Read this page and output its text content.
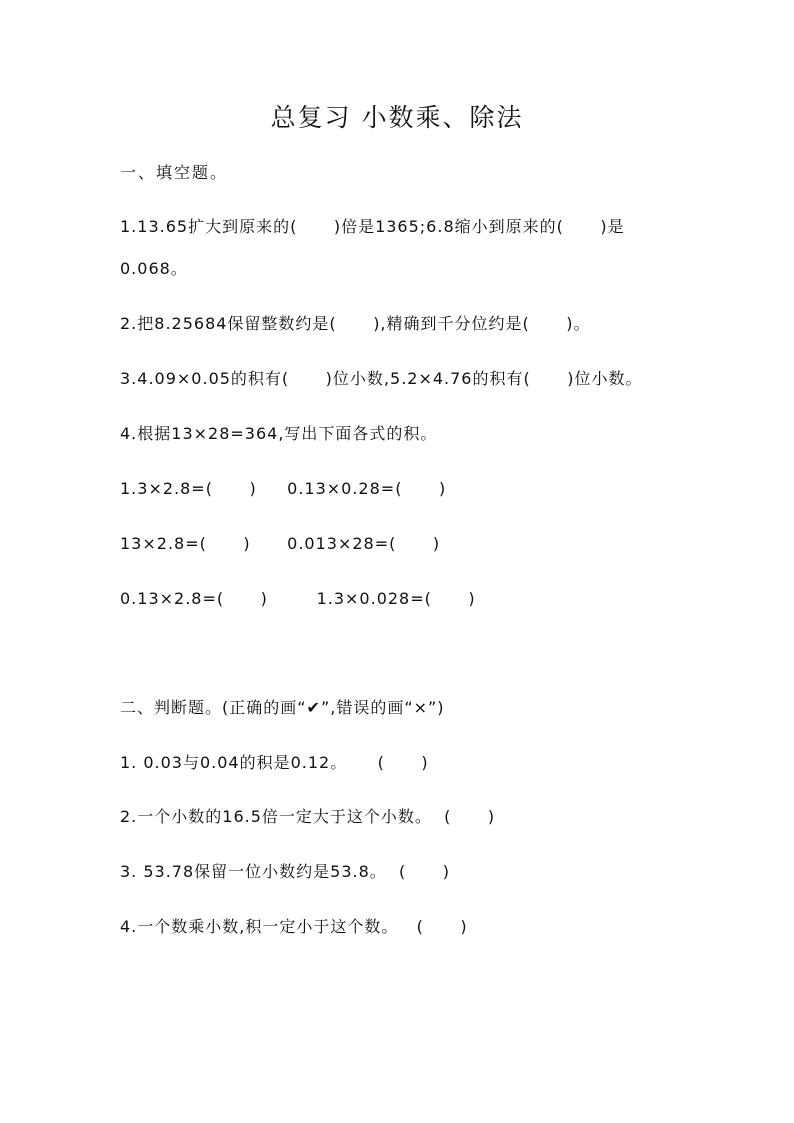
总复习 小数乘、除法
一、填空题。
1.13.65扩大到原来的(      )倍是1365;6.8缩小到原来的(      )是
0.068。
2.把8.25684保留整数约是(      ),精确到千分位约是(      )。
3.4.09×0.05的积有(      )位小数,5.2×4.76的积有(      )位小数。
4.根据13×28=364,写出下面各式的积。
1.3×2.8=(      )     0.13×0.28=(      )
13×2.8=(      )      0.013×28=(      )
0.13×2.8=(      )        1.3×0.028=(      )
二、判断题。(正确的画“✔”,错误的画“×”)
1. 0.03与0.04的积是0.12。     (      )
2.一个小数的16.5倍一定大于这个小数。  (      )
3. 53.78保留一位小数约是53.8。  (      )
4.一个数乘小数,积一定小于这个数。   (      )
